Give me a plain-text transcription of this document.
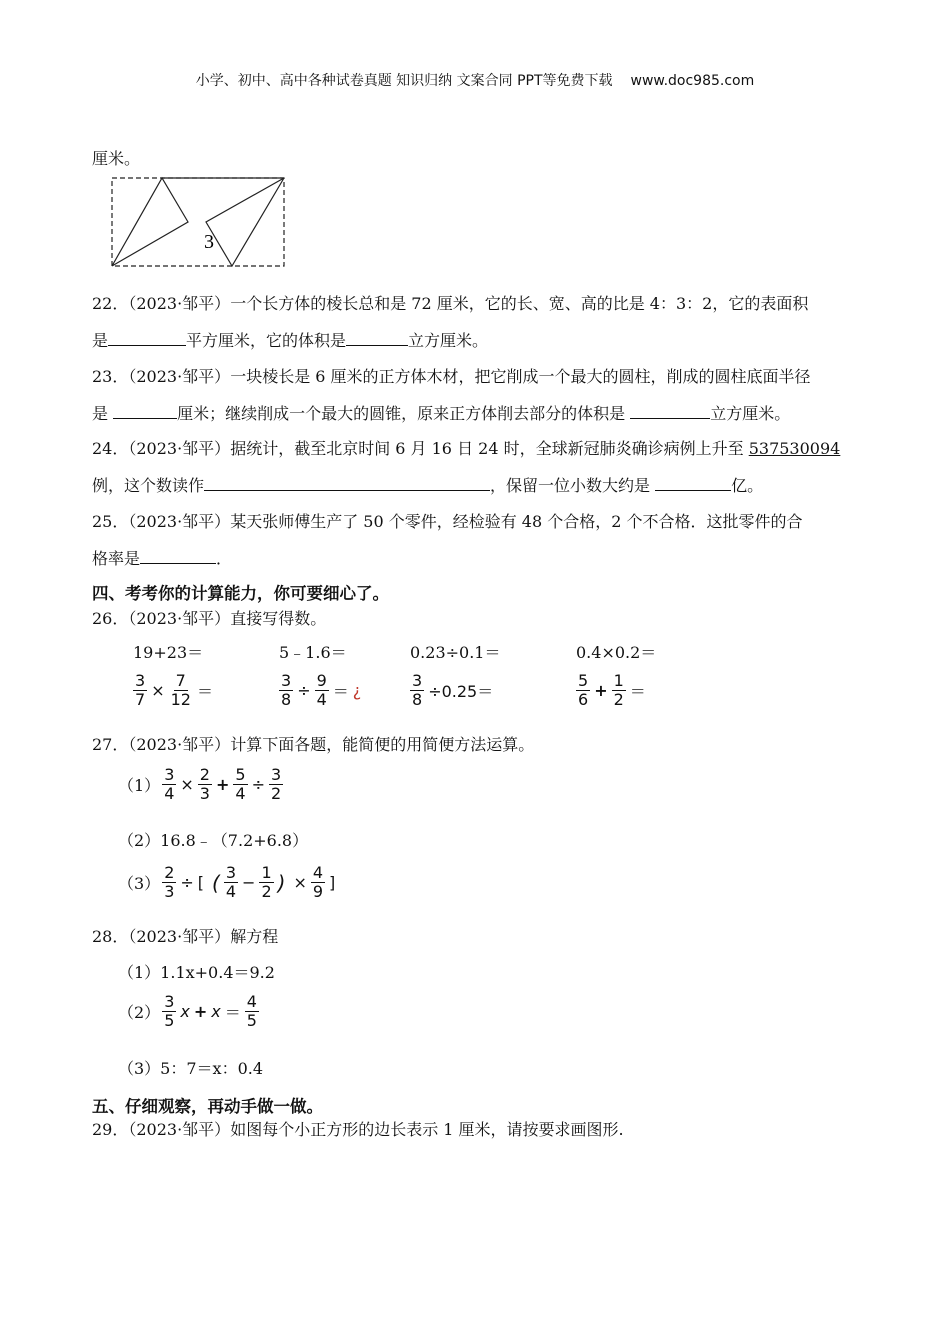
小学、初中、高中各种试卷真题 知识归纳 文案合同 PPT等免费下载 www.doc985.com
厘米。
3
22．（2023·邹平）一个长方体的棱长总和是 72 厘米，它的长、宽、高的比是 4：3：2，它的表面积
是	平方厘米，它的体积是	立方厘米。
23．（2023·邹平）一块棱长是 6 厘米的正方体木材，把它削成一个最大的圆柱，削成的圆柱底面半径
是	厘米；继续削成一个最大的圆锥，原来正方体削去部分的体积是	立方厘米。
24．（2023·邹平）据统计，截至北京时间 6 月 16 日 24 时，全球新冠肺炎确诊病例上升至 537530094
例，这个数读作	，保留一位小数大约是	亿。
25．（2023·邹平）某天张师傅生产了 50 个零件，经检验有 48 个合格，2 个不合格．这批零件的合
格率是	．
四、考考你的计算能力，你可要细心了。
26．（2023·邹平）直接写得数。
19+23＝	5﹣1.6＝	0.23÷0.1＝	0.4×0.2＝
$\frac{3}{7} \times \frac{7}{12}$ ＝	$\frac{3}{8} \div \frac{9}{4}$ ＝ ¿	$\frac{3}{8} \div 0.25=$	$\frac{5}{6} + \frac{1}{2}$ ＝
27．（2023·邹平）计算下面各题，能简便的用简便方法运算。
$(1) \frac{3}{4} \times \frac{2}{3} + \frac{5}{4} \div \frac{3}{2}$
（2）16.8﹣（7.2+6.8）
$(3) \frac{2}{3}$ ÷ [ ( $\frac{3}{4} - \frac{1}{2}$ ) × $\frac{4}{9}$ ]
28．（2023·邹平）解方程
（1）1.1x+0.4＝9.2
$(2) \frac{3}{5}$ $x + x = \frac{4}{5}$
（3）5：7＝x：0.4
五、仔细观察，再动手做一做。
29．（2023·邹平）如图每个小正方形的边长表示 1 厘米，请按要求画图形.
